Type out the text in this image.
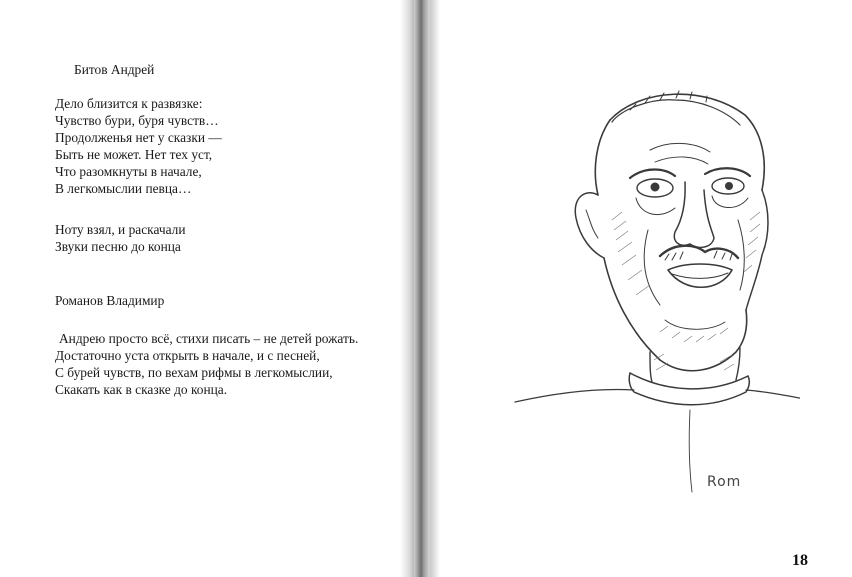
Битов Андрей
Дело близится к развязке:
Чувство бури, буря чувств…
Продолженья нет у сказки —
Быть не может. Нет тех уст,
Что разомкнуты в начале,
В легкомыслии певца…
Ноту взял, и раскачали
Звуки песню до конца
Романов Владимир
Андрею просто всё, стихи писать – не детей рожать.
Достаточно уста открыть в начале, и с песней,
С бурей чувств, по вехам рифмы в легкомыслии,
Скакать как в сказке до конца.
Rom
18
